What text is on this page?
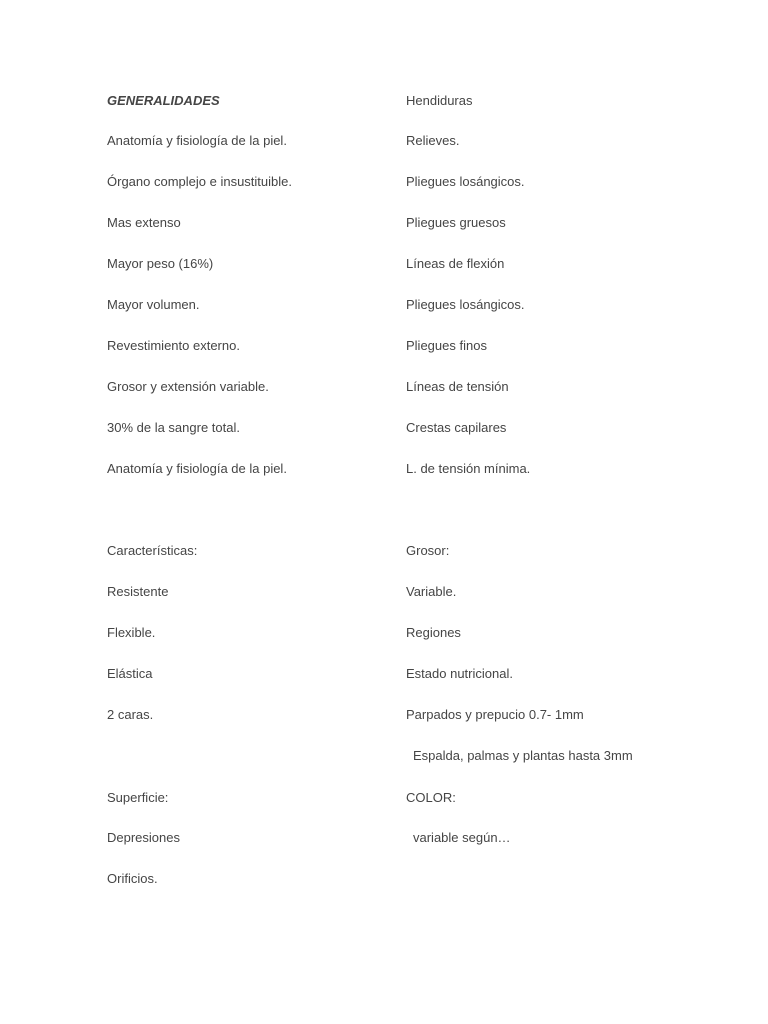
GENERALIDADES
Anatomía y fisiología de la piel.
Órgano complejo e insustituible.
Mas extenso
Mayor peso (16%)
Mayor volumen.
Revestimiento externo.
Grosor y extensión variable.
30% de la sangre total.
Anatomía y fisiología de la piel.
Características:
Resistente
Flexible.
Elástica
2 caras.
Superficie:
Depresiones
Orificios.
Hendiduras
Relieves.
Pliegues losángicos.
Pliegues gruesos
Líneas de flexión
Pliegues losángicos.
Pliegues finos
Líneas de tensión
Crestas capilares
L. de tensión mínima.
Grosor:
Variable.
Regiones
Estado nutricional.
Parpados y prepucio 0.7- 1mm
Espalda, palmas y plantas hasta 3mm
COLOR:
variable según…
